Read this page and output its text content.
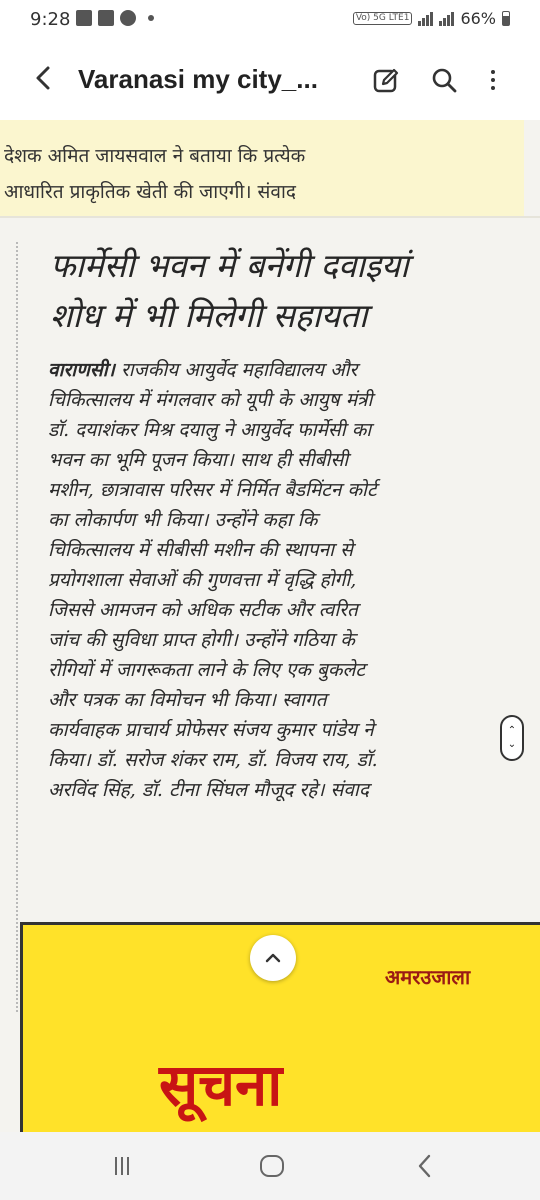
9:28	Vo) 5G LTE1	66%
Varanasi my city_...
देशक अमित जायसवाल ने बताया कि प्रत्येक
आधारित प्राकृतिक खेती की जाएगी। संवाद
फार्मेसी भवन में बनेंगी दवाइयां
शोध में भी मिलेगी सहायता
वाराणसी। राजकीय आयुर्वेद महाविद्यालय और
चिकित्सालय में मंगलवार को यूपी के आयुष मंत्री
डॉ. दयाशंकर मिश्र दयालु ने आयुर्वेद फार्मेसी का
भवन का भूमि पूजन किया। साथ ही सीबीसी
मशीन, छात्रावास परिसर में निर्मित बैडमिंटन कोर्ट
का लोकार्पण भी किया। उन्होंने कहा कि
चिकित्सालय में सीबीसी मशीन की स्थापना से
प्रयोगशाला सेवाओं की गुणवत्ता में वृद्धि होगी,
जिससे आमजन को अधिक सटीक और त्वरित
जांच की सुविधा प्राप्त होगी। उन्होंने गठिया के
रोगियों में जागरूकता लाने के लिए एक बुकलेट
और पत्रक का विमोचन भी किया। स्वागत
कार्यवाहक प्राचार्य प्रोफेसर संजय कुमार पांडेय ने
किया। डॉ. सरोज शंकर राम, डॉ. विजय राय, डॉ.
अरविंद सिंह, डॉ. टीना सिंघल मौजूद रहे। संवाद
⌃
⌄
अमरउजाला
सूचना
